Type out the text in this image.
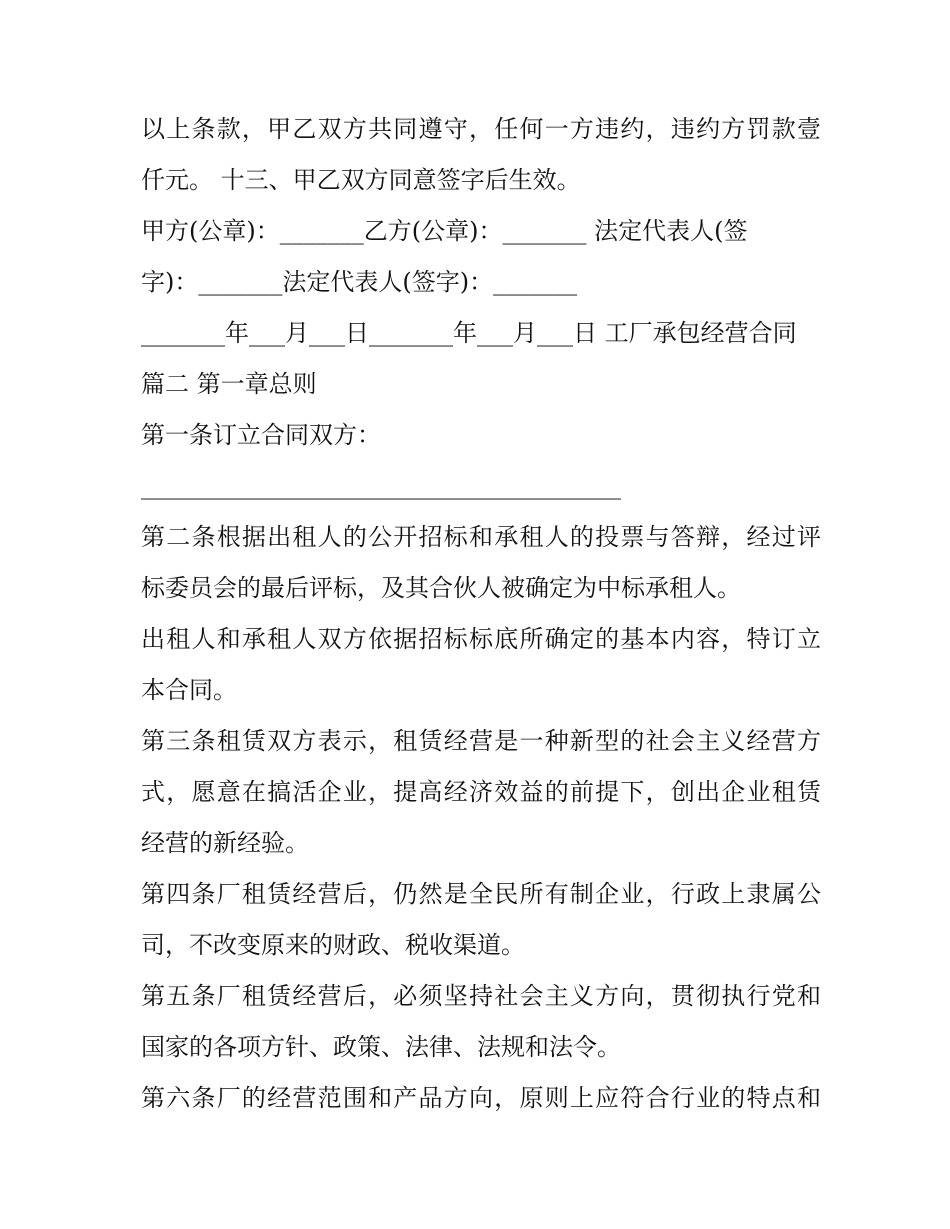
以上条款，甲乙双方共同遵守，任何一方违约，违约方罚款壹
仟元。 十三、甲乙双方同意签字后生效。
甲方(公章)：_______乙方(公章)：_______ 法定代表人(签
字)：_______法定代表人(签字)：_______
_______年___月___日_______年___月___日 工厂承包经营合同
篇二 第一章总则
第一条订立合同双方：
________________________________________
第二条根据出租人的公开招标和承租人的投票与答辩，经过评
标委员会的最后评标，及其合伙人被确定为中标承租人。
出租人和承租人双方依据招标标底所确定的基本内容，特订立
本合同。
第三条租赁双方表示，租赁经营是一种新型的社会主义经营方
式，愿意在搞活企业，提高经济效益的前提下，创出企业租赁
经营的新经验。
第四条厂租赁经营后，仍然是全民所有制企业，行政上隶属公
司，不改变原来的财政、税收渠道。
第五条厂租赁经营后，必须坚持社会主义方向，贯彻执行党和
国家的各项方针、政策、法律、法规和法令。
第六条厂的经营范围和产品方向，原则上应符合行业的特点和
